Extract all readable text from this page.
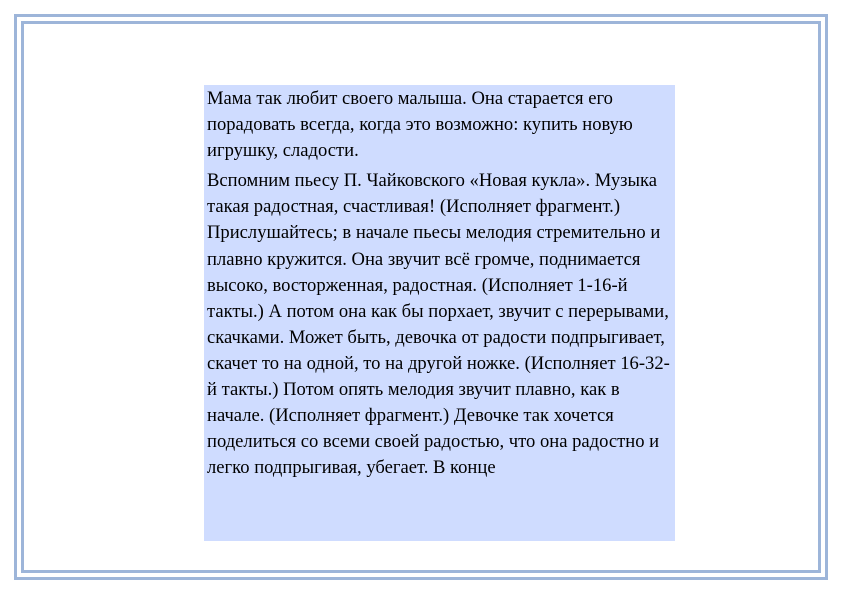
Мама так любит своего малыша. Она старается его порадовать всегда, когда это возможно: купить новую игрушку, сладости.

Вспомним пьесу П. Чайковского «Новая кукла». Музыка такая радостная, счастливая! (Исполняет фрагмент.) Прислушайтесь; в начале пьесы мелодия стремительно и плавно кружится. Она звучит всё громче, поднимается высоко, восторженная, радостная. (Исполняет 1-16-й такты.) А потом она как бы порхает, звучит с перерывами, скачками. Может быть, девочка от радости подпрыгивает, скачет то на одной, то на другой ножке. (Исполняет 16-32-й такты.) Потом опять мелодия звучит плавно, как в начале. (Исполняет фрагмент.) Девочке так хочется поделиться со всеми своей радостью, что она радостно и легко подпрыгивая, убегает. В конце
